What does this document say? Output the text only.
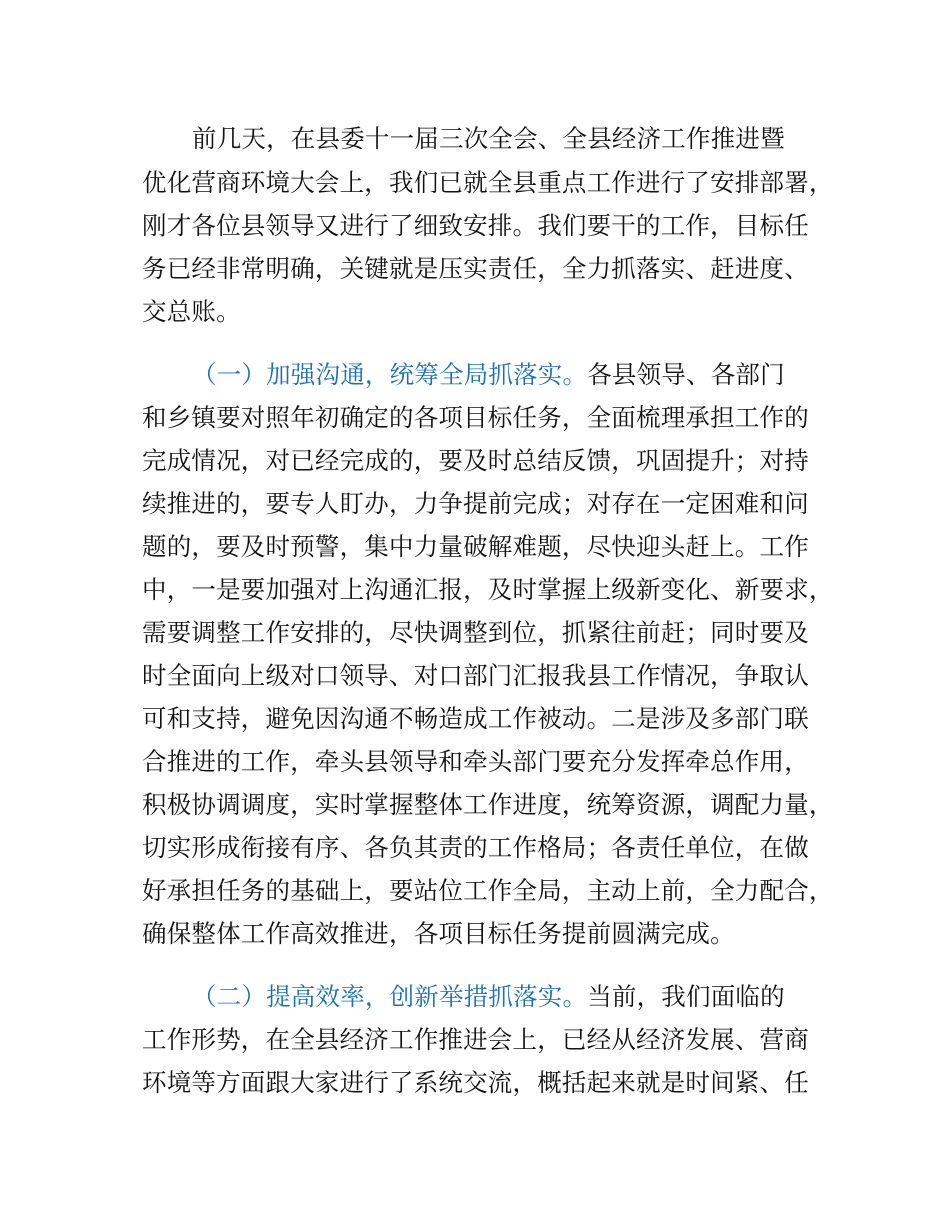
前几天，在县委十一届三次全会、全县经济工作推进暨
优化营商环境大会上，我们已就全县重点工作进行了安排部署，
刚才各位县领导又进行了细致安排。我们要干的工作，目标任
务已经非常明确，关键就是压实责任，全力抓落实、赶进度、
交总账。
（一）加强沟通，统筹全局抓落实。各县领导、各部门
和乡镇要对照年初确定的各项目标任务，全面梳理承担工作的
完成情况，对已经完成的，要及时总结反馈，巩固提升；对持
续推进的，要专人盯办，力争提前完成；对存在一定困难和问
题的，要及时预警，集中力量破解难题，尽快迎头赶上。工作
中，一是要加强对上沟通汇报，及时掌握上级新变化、新要求，
需要调整工作安排的，尽快调整到位，抓紧往前赶；同时要及
时全面向上级对口领导、对口部门汇报我县工作情况，争取认
可和支持，避免因沟通不畅造成工作被动。二是涉及多部门联
合推进的工作，牵头县领导和牵头部门要充分发挥牵总作用，
积极协调调度，实时掌握整体工作进度，统筹资源，调配力量，
切实形成衔接有序、各负其责的工作格局；各责任单位，在做
好承担任务的基础上，要站位工作全局，主动上前，全力配合，
确保整体工作高效推进，各项目标任务提前圆满完成。
（二）提高效率，创新举措抓落实。当前，我们面临的
工作形势，在全县经济工作推进会上，已经从经济发展、营商
环境等方面跟大家进行了系统交流，概括起来就是时间紧、任
